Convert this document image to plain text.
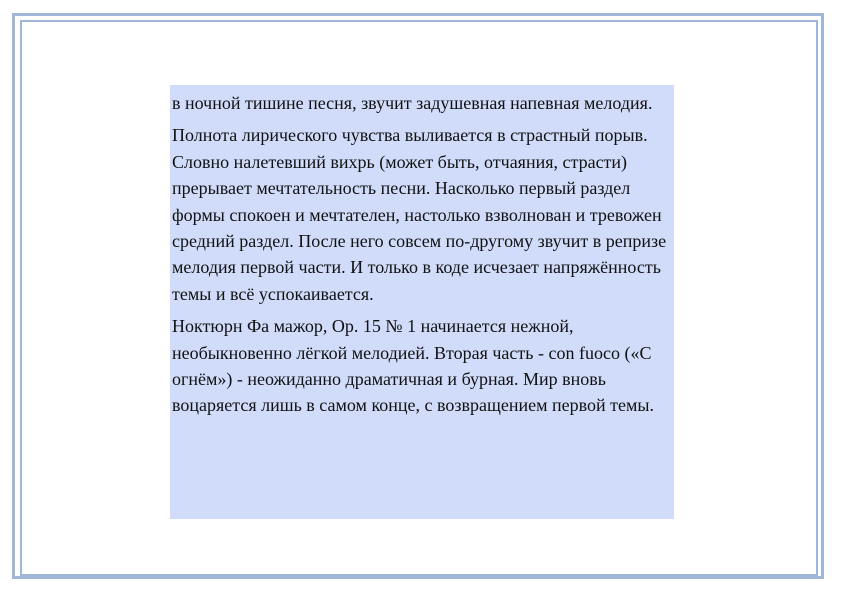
в ночной тишине песня, звучит задушевная напевная мелодия.

Полнота лирического чувства выливается в страстный порыв. Словно налетевший вихрь (может быть, отчаяния, страсти) прерывает мечтательность песни. Насколько первый раздел формы спокоен и мечтателен, настолько взволнован и тревожен средний раздел. После него совсем по-другому звучит в репризе мелодия первой части. И только в коде исчезает напряжённость темы и всё успокаивается.

Ноктюрн Фа мажор, Ор. 15 № 1 начинается нежной, необыкновенно лёгкой мелодией. Вторая часть - con fuoco («С огнём») - неожиданно драматичная и бурная. Мир вновь воцаряется лишь в самом конце, с возвращением первой темы.
